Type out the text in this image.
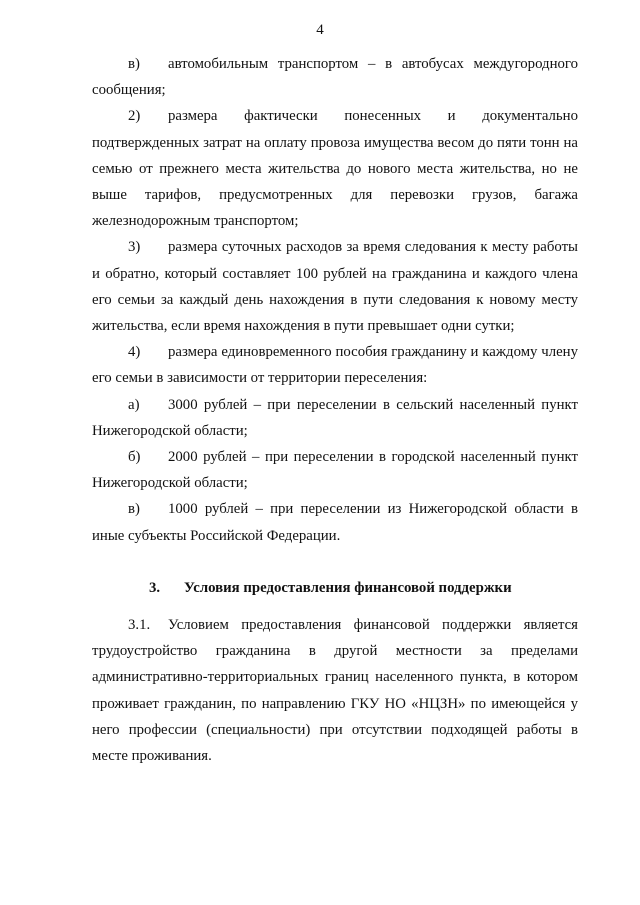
4

в) автомобильным транспортом – в автобусах междугородного сообщения;

2) размера фактически понесенных и документально подтвержденных затрат на оплату провоза имущества весом до пяти тонн на семью от прежнего места жительства до нового места жительства, но не выше тарифов, предусмотренных для перевозки грузов, багажа железнодорожным транспортом;

3) размера суточных расходов за время следования к месту работы и обратно, который составляет 100 рублей на гражданина и каждого члена его семьи за каждый день нахождения в пути следования к новому месту жительства, если время нахождения в пути превышает одни сутки;

4) размера единовременного пособия гражданину и каждому члену его семьи в зависимости от территории переселения:

а) 3000 рублей – при переселении в сельский населенный пункт Нижегородской области;

б) 2000 рублей – при переселении в городской населенный пункт Нижегородской области;

в) 1000 рублей – при переселении из Нижегородской области в иные субъекты Российской Федерации.

3. Условия предоставления финансовой поддержки

3.1. Условием предоставления финансовой поддержки является трудоустройство гражданина в другой местности за пределами административно-территориальных границ населенного пункта, в котором проживает гражданин, по направлению ГКУ НО «НЦЗН» по имеющейся у него профессии (специальности) при отсутствии подходящей работы в месте проживания.
